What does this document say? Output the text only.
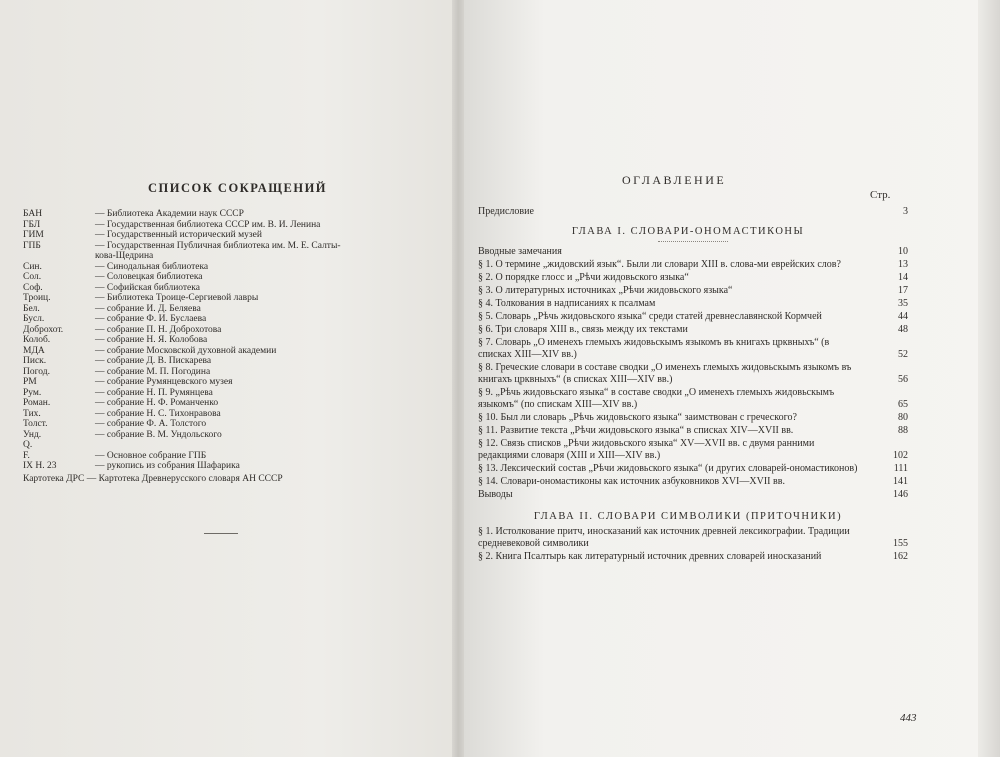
СПИСОК СОКРАЩЕНИЙ
БАН	— Библиотека Академии наук СССР
ГБЛ	— Государственная библиотека СССР им. В. И. Ленина
ГИМ	— Государственный исторический музей
ГПБ	— Государственная Публичная библиотека им. М. Е. Салты-
кова-Щедрина
Син.	— Синодальная библиотека
Сол.	— Соловецкая библиотека
Соф.	— Софийская библиотека
Троиц.	— Библиотека Троице-Сергиевой лавры
Бел.	— собрание И. Д. Беляева
Бусл.	— собрание Ф. И. Буслаева
Доброхот.	— собрание П. Н. Доброхотова
Колоб.	— собрание Н. Я. Колобова
МДА	— собрание Московской духовной академии
Писк.	— собрание Д. В. Пискарева
Погод.	— собрание М. П. Погодина
РМ	— собрание Румянцевского музея
Рум.	— собрание Н. П. Румянцева
Роман.	— собрание Н. Ф. Романченко
Тих.	— собрание Н. С. Тихонравова
Толст.	— собрание Ф. А. Толстого
Унд.	— собрание В. М. Ундольского
Q.
F.	— Основное собрание ГПБ
IX H. 23	— рукопись из собрания Шафарика
Картотека ДРС — Картотека Древнерусского словаря АН СССР
ОГЛАВЛЕНИЕ
Стр.
Предисловие	3
ГЛАВА I. СЛОВАРИ-ОНОМАСТИКОНЫ
Вводные замечания	10
§ 1. О термине „жидовский язык“. Были ли словари XIII в. слова-ми еврейских слов?	13
§ 2. О порядке глосс и „Рѣчи жидовьского языка“	14
§ 3. О литературных источниках „Рѣчи жидовьского языка“	17
§ 4. Толкования в надписаниях к псалмам	35
§ 5. Словарь „Рѣчь жидовьского языка“ среди статей древнеславянской Кормчей	44
§ 6. Три словаря XIII в., связь между их текстами	48
§ 7. Словарь „О именехъ глемыхъ жидовьскымъ языкомъ въ книгахъ црквныхъ“ (в списках XIII—XIV вв.)	52
§ 8. Греческие словари в составе сводки „О именехъ глемыхъ жидовьскымъ языкомъ въ книгахъ црквныхъ“ (в списках XIII—XIV вв.)	56
§ 9. „Рѣчь жидовьскаго языка“ в составе сводки „О именехъ глемыхъ жидовьскымъ языкомъ“ (по спискам XIII—XIV вв.)	65
§ 10. Был ли словарь „Рѣчь жидовьского языка“ заимствован с греческого?	80
§ 11. Развитие текста „Рѣчи жидовьского языка“ в списках XIV—XVII вв.	88
§ 12. Связь списков „Рѣчи жидовьского языка“ XV—XVII вв. с двумя ранними редакциями словаря (XIII и XIII—XIV вв.)	102
§ 13. Лексический состав „Рѣчи жидовьского языка“ (и других словарей-ономастиконов)	111
§ 14. Словари-ономастиконы как источник азбуковников XVI—XVII вв.	141
Выводы	146
ГЛАВА II. СЛОВАРИ СИМВОЛИКИ (ПРИТОЧНИКИ)
§ 1. Истолкование притч, иносказаний как источник древней лексикографии. Традиции средневековой символики	155
§ 2. Книга Псалтырь как литературный источник древних словарей иносказаний	162
443
